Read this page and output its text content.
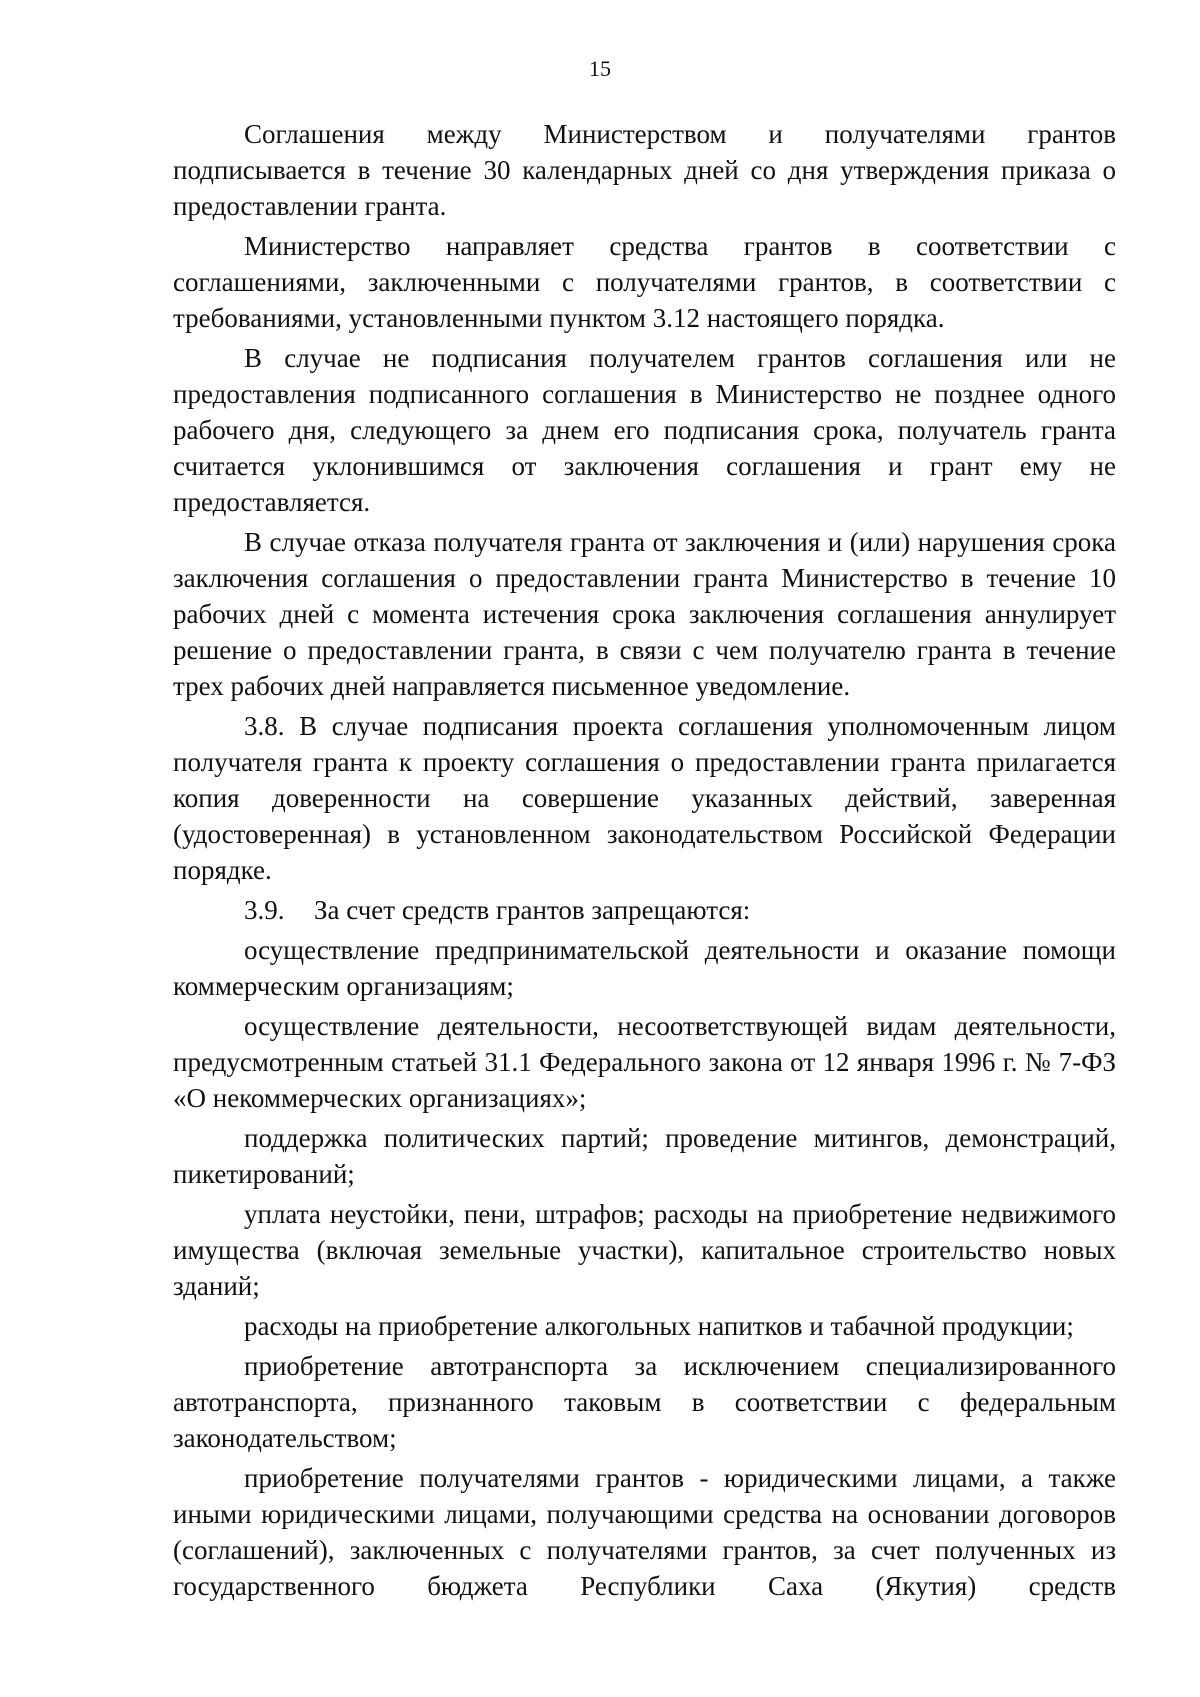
15

Соглашения между Министерством и получателями грантов подписывается в течение 30 календарных дней со дня утверждения приказа о предоставлении гранта.

Министерство направляет средства грантов в соответствии с соглашениями, заключенными с получателями грантов, в соответствии с требованиями, установленными пунктом 3.12 настоящего порядка.

В случае не подписания получателем грантов соглашения или не предоставления подписанного соглашения в Министерство не позднее одного рабочего дня, следующего за днем его подписания срока, получатель гранта считается уклонившимся от заключения соглашения и грант ему не предоставляется.

В случае отказа получателя гранта от заключения и (или) нарушения срока заключения соглашения о предоставлении гранта Министерство в течение 10 рабочих дней с момента истечения срока заключения соглашения аннулирует решение о предоставлении гранта, в связи с чем получателю гранта в течение трех рабочих дней направляется письменное уведомление.

3.8. В случае подписания проекта соглашения уполномоченным лицом получателя гранта к проекту соглашения о предоставлении гранта прилагается копия доверенности на совершение указанных действий, заверенная (удостоверенная) в установленном законодательством Российской Федерации порядке.

3.9. За счет средств грантов запрещаются:

осуществление предпринимательской деятельности и оказание помощи коммерческим организациям;

осуществление деятельности, несоответствующей видам деятельности, предусмотренным статьей 31.1 Федерального закона от 12 января 1996 г. № 7-ФЗ «О некоммерческих организациях»;

поддержка политических партий; проведение митингов, демонстраций, пикетирований;

уплата неустойки, пени, штрафов; расходы на приобретение недвижимого имущества (включая земельные участки), капитальное строительство новых зданий;

расходы на приобретение алкогольных напитков и табачной продукции;

приобретение автотранспорта за исключением специализированного автотранспорта, признанного таковым в соответствии с федеральным законодательством;

приобретение получателями грантов - юридическими лицами, а также иными юридическими лицами, получающими средства на основании договоров (соглашений), заключенных с получателями грантов, за счет полученных из государственного бюджета Республики Саха (Якутия) средств
